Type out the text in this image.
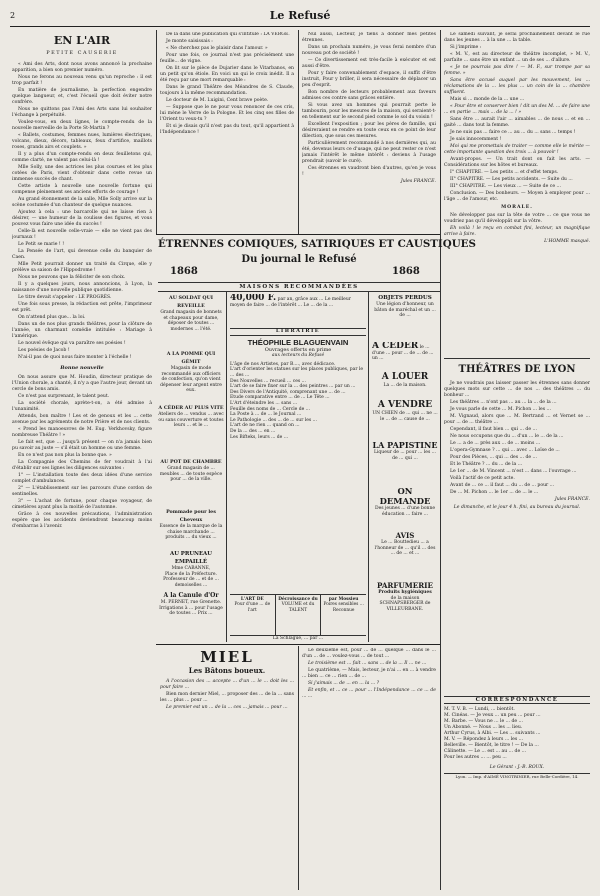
2	Le Refusé
EN L'AIR
PETITE CAUSERIE

« Ami des Arts, dont nous avons annoncé la prochaine apparition, a bien son premier numéro.

Nous ne ferons au nouveau venu qu'un reproche : il est trop parfait !

En matière de journalisme, la perfection engendre quelque langueur, et, c'est l'écueil que doit éviter notre confrère.

Nous ne quittons pas l'Ami des Arts sans lui souhaiter l'échange à perpétuité.

Voulez-vous, en deux lignes, le compte-rendu de la nouvelle merveille de la Porte St-Martin ?

« Ballets, costumes, femmes nues, lumières électriques, volcans, dieux, décors, tableaux, feux d'artifice, maillots roses, grands airs et couplets. »

Il y a plus d'un compte-rendu en deux feuilletons qui, comme clarté, ne valent pas celui-là !

Mlle Solly, une des actrices les plus courues et les plus cotées de Paris, vient d'obtenir dans cette revue un immense succès de chant.

Cette artiste à nouvelle une nouvelle fortune qui compense pleinement ses anciens efforts de courage !

Au grand étonnement de la salle, Mlle Solly arrive sur la scène costumée d'un chanteur de quelque nuances.

Ajoutez à cela : une barcarolle qui ne laisse rien à désirer, — une humeur de la coulisse des figures, et vous pouvez vous faire une idée du succès !

Celle-là est nouvelle celle-vraie — elle ne vient pas des journaux !

Le Petit se marie ! !

La Pensée de l'art, qui devenue celle du banquier de Caen.

Mlle Petit pourrait donner un traité du Cirque, elle y prélève sa saison de l'Hippodrome !

Nous ne pouvons que la féliciter de son choix.

Il y a quelques jours, nous annoncions, à Lyon, la naissance d'une nouvelle publique quotidienne.

Le titre devait s'appeler : LE PROGRÈS.

Une fois sous presse, la rédaction est prête, l'imprimeur est prêt.

On n'attend plus que... la loi.

Dans un de nos plus grands théâtres, pour la clôture de l'année, un charmant comédie intitulée : Mariage à l'amérique.

Le nouvel évêque qui va paraître ses poésies !

Les poésies de Jacob !

N'ai-il pas de quoi nous faire monter à l'échelle !

Bonne nouvelle

On nous assure que M. Houdin, directeur pratique de l'Union chorale, a chanté, il n'y a que l'autre jour, devant un cercle de bons amis.

Ce n'est pas surprenant, le talent peut.

La société chorale, aprète-t-on, a été admise à l'unanimité.

Attends, bon maître ! Les et de genoux et les ... cette avenue par les agréments de notre Prière et de nos clients.

« Prend les manoeuvres de M. Eug. Verkhovsky, figure nombreuse Théâtre ! »

Le fait est, que ... jusqu'à présent — on n'a jamais bien pu savoir au juste — s'il était un homme ou une femme.

En ce n'est pas non plus la bonne que. »

La Compagnie des Chemins de fer voudrait à l'ai d'établir sur ses lignes les diligences suivantes :

1° — L'installation toute des deux idées d'une service complet d'ambulances.

2° — L'établissement sur les parcours d'une cordon de sentinelles.

3° — L'achat de fortune, pour chaque voyageur, de cimetières ayant plus la moitié de l'automne.

Grâce à ces nouvelles précautions, l'administration espère que les accidents deviendront beaucoup moins d'embarras à l'avenir.

De la dans une publication qui s'intitule : LA VERGE.

Je monte saisissais :

« Ne cherchez pas le plaisir dans l'amour. »

Pour une fois, ce journal n'est pas précisément une feuille... de vigne.

On lit sur le pièce de Dujarier dans le Vitarbanos, en un petit qu'on étiole. En voici un qui le croix inédit. Il a été reçu par une mort remarquable :

Dans le grand Théâtre des Méandres de S. Claude, toujours à la même recommandation.

Le docteur de M. Luigini, Cent brave poète.

— Suppose que le ne pour vous renoncer de ces cris, lui mène le Verre de la Pologne. Et les cinq ses filles de l'Orient tu veux-tu ?

Et si je disais qu'il n'est pas du tout, qu'il appartient à l'Indépendance !

Nul aussi, Lecteur, je tiens à donner mes petites étrennes.

Dans un prochain numéro, je vous ferai nombre d'un nouveau pot de société !

— Ce divertissement est très-facile à exécuter et est aussi d'être.

Pour y faire convenablement d'espace, il suffit d'être instruit, Pour y briller, il sera nécessaire de déplacer un peu d'esprit.

Bon nombre de lecteurs probablement aux faveurs admises ces contre sans grâces entière.

Si vous avez un hommes qui pourrait perte le tambourin, pour les mesures de la maison, qui seraient-t-en tellement sur le second pied comme le sol du voisin !

Excellent l'exposition ; pour les pères de famille, qui désireraient se rendre en toute ceux en ce point de leur dilection, que sous ces mesures.

Particulièrement recommandé à nos dernières qui, au été, devenus leurs ce d'usage, qui ne peut rester ce n'est jamais l'intérêt le même intérêt : deviens à l'usage prendrait (savoir le curé).

Ces étrennes en vaudront bien d'autres, qu'en je vous !

Jules FRANCE.

Le samedi suivant, je serai prochainement devant le rue dans les jeunes ... à la une ... la table.

Si j'imprime :

« M. V., est au directeur de théâtre incomplet, » M. V., parfaite ... sans être un enfant ... un de ses ... d'allure.

« Je ne pourrais pas dire ! — M. F., sur trompe par sa femme. »

Sans être accusé auquel par les mouvement, les ... réclamations de la ... les plus ... un coin de la ... chambre suffisent.

Mais si ... monde de la ... une ...

« Pour être et conserver bien ! dit un des M. ... de faire une ... en partie ... mais ... de la ... ! »

Sans être ... aurait l'air ... aimables ... de nous ... et en ... gaité ... dans tout la femme.

Je ne suis pas ... faire ce ... au ... du ... sans ... temps !

Je sais innocemment !

Moi qui me promettais de traiter — comme elle le mérite — cette importante question des trois ... à pouvoir !

Avant-propos. — Un trait dont on fait les arts. — Considérations sur les hôtes et bureaux.

I° CHAPITRE. — Les petits ... et d'effet temps.

II° CHAPITRE. — Les petits accidents. — Suite du ...

III° CHAPITRE. — Les vieux ... — Suite de ce ...

Conclusion. — Des bonheurs. — Moyen à employer pour ... l'âge ... de l'amour, etc.

MORALE.

Ne développer pas sur la tête de votre ... ce que vous ne voudriez pas qu'il développât sur la vôtre.

Eh voilà ! le reçu en combat fini, lecteur, un magnifique arrive à faire.

L'HOMME masqué.
ÉTRENNES COMIQUES, SATIRIQUES ET CAUSTIQUES
Du journal le Refusé
1868	1868
MAISONS RECOMMANDÉES
AU SOLDAT QUI REVEILLE
Grand magasin de bonnets et chapeaux pour dame, déposer de toutes ... modernes ... l'été.
A LA POMME QUI GÉMIT
Magasin de mode recommandé aux officiers de confection, qu'on vient dépenser leur argent entre eux.
A CÉDER AU PLUS VITE
Ateliers de ... vendus ... avec ou sans couverture et toutes leurs ... et le ...
AU POT DE CHAMBRE
Grand magasin de ... meubles ... de toute espèce pour ... de la ville.
Pommade pour les Cheveux
Essence de la marque de la chaise marchande ... produits ... du vieux ...
AU PRUNEAU EMPAILLÉ
Mme CABANNE,
Place de la Préfecture. Professeur de ... et de ... demoiselles ...
A la Canule d'Or
M. PERNET, rue Grenette. Irrigations à ... pour l'usage de toutes ... Prix ...
40,000 F. par an, grâce aux ... Le meilleur moyen de faire ... de l'intérêt ... Le ... de la ...
LIBRAIRIE
THÉOPHILE BLAGUENVAIN
Ouvrages offerts en prime
aux lecteurs du Refusé
L'âge de nos Artistes, par B...., avec dédicace.
L'art d'orienter les statues sur les places publiques, par le ... des ...
Des Nouvelles ... recueil ... ces ...
L'art de se faire fixer sur la ... des peintres ... par un ...
Des Divers de l'Antiquité, comprenant une ... de ...
Etude comparative entre ... de ... Le Tête ...
L'Art d'éteindre les ... sans ...
Feuille des noms de ... Cercle de ...
La Poste à ... de ... le Journal ...
Le Pathologie ... des ... de ... sur les ...
L'art de ne rien ... quand on ...
De la ... des ... en ...
Les Bifteks, leurs ... de ...
L'ART DE
Pour d'une ... de l'art
Décroissance du
VOLUME et du TALENT
par Mossieu
Poires sensibles ... Reconnue
La Schlague, ... par ...
OBJETS PERDUS
Une légion d'honneur, un bâton de maréchal et un ... de ...
A CÉDER le ... d'une ... pour ... de ... de ... un ...
A LOUER
La ... de la maison.
A VENDRE
UN CHIEN de ... qui ... ne ... le ... de ... cause de ...
LA PAPISTINE
Liqueur de ... pour ... les ... de ... qui ...
ON DEMANDE
Des jeunes ... d'une bonne éducation ... faire ...
AVIS
Le ... Bouttedieu ... a l'honneur de ... qu'il ... des ... de ... et ...
PARFUMERIE
Produits hygiéniques
de la maison SCHNAPSBERGER de VILLEURBANE.
MIEL
Les Bâtons boueux.

A l'occasion des ... accepte ... d'un ... le ... doit les ... pour faire ...

Bien mon dernier Miel, ... proposer des ... de la ... sans les ... plus ... pour ...

Le premier est un ... de la ... ces ... jamais ... pour ...

Le deuxième est, pour ... de ... quelque ... dans le ... d'un ... de ... voulez-vous ... de tout ...

Le troisième est ... fait ... sans ... de la ... Il ... ne ...

Le quatrième, — Mais, lecteur, je n'ai ... en ... à vendre ... bien ... ce ... rien ... de ...

Si j'aimais ... de ... en ... la ... ?

Et enfin, et ... ce ... pour ... l'Indépendance ... ce ... de ... ...

THÉÂTRES DE LYON

Je ne voudrais pas laisser passer les étrennes sans donner quelques mots sur cette ... de nos ... des théâtres ... du bonheur ...

Les théâtres ... n'ont pas ... au ... la ... de la ...

Je vous parle de cette ... M. Pichon ... les ...

M. Vignaud, alors que ... M. Bertrand ... et Vernet se ... pour ... de ... théâtre ...

Cependant, il faut bien ... qui ... de ...

Ne nous occupons que du ... d'un ... le ... de la ...

Le ... a de ... près aux ... de ... moins ...

L'opera-Gymnase ? ... qui ... avec ... Loïse de ...

Pour des Pièces, ... qui ... des ... de ...

Et le Théâtre ? ... du ... de la ...

Le 1er ... de M. Vincent ... n'est ... dans ... l'ouvrage ...

Voilà l'actif de ce petit acte.

Avant de ... ce ... il faut ... du ... de ... pour ...

De ... M. Pichon ... le 1er ... de ... le ...

Jules FRANCE.
Le dimanche, et le jour 4 h. fini, au bureau du journal.
CORRESPONDANCE
M. T. V. B. — Lundi, ... bientôt.
M. Cinéas. — Je veux ... un peu ... pour ...
M. Barbe. — Vous ne ... le ... de ...
Un Abonné. — Nous ... les ... lieu.
Arthur Cyrus, à Albi. — Les ... suivants ...
M. V. — Répondez à leurs ... les ...
Belleville. — Bientôt, le titre ! — De la ...
Câlinette. — Le ... est ... au ... de ...
Pour les autres ... ... peu ...
Le Gérant : J.-B. ROUX.
Lyon. — Imp. d'AIMÉ VINGTRINIER, rue Belle-Cordière, 14.
